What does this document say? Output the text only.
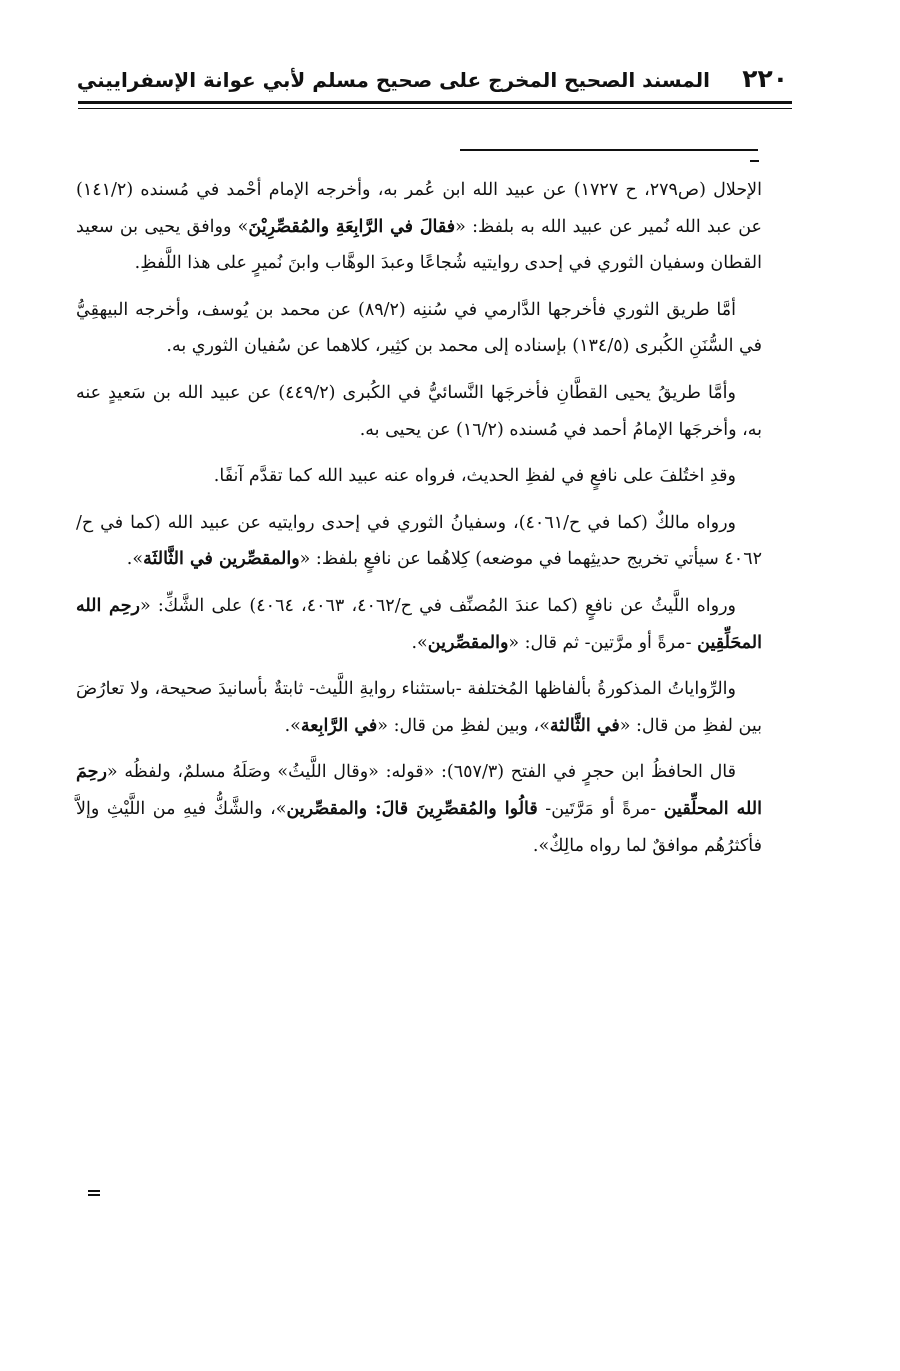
٢٢٠
المسند الصحيح المخرج على صحيح مسلم لأبي عوانة الإسفراييني

الإحلال (ص٢٧٩، ح ١٧٢٧) عن عبيد الله ابن عُمر به، وأخرجه الإمام أحْمد في مُسنده (١٤١/٢) عن عبد الله نُمير عن عبيد الله به بلفظ: «فقالَ في الرَّابِعَةِ والمُقصِّرِيْنَ» ووافق يحيى بن سعيد القطان وسفيان الثوري في إحدى روايتيه شُجاعًا وعبدَ الوهَّاب وابنَ نُميرٍ على هذا اللَّفظِ.

أمَّا طريق الثوري فأخرجها الدَّارمي في سُننِه (٨٩/٢) عن محمد بن يُوسف، وأخرجه البيهقِيُّ في السُّنَنِ الكُبرى (١٣٤/٥) بإسناده إلى محمد بن كثِير، كلاهما عن سُفيان الثوري به.

وأمَّا طريقُ يحيى القطَّانِ فأخرجَها النَّسائيُّ في الكُبرى (٤٤٩/٢) عن عبيد الله بن سَعيدٍ عنه به، وأخرجَها الإمامُ أحمد في مُسنده (١٦/٢) عن يحيى به.

وقدِ اختُلفَ على نافعٍ في لفظِ الحديث، فرواه عنه عبيد الله كما تقدَّم آنفًا.

ورواه مالكٌ (كما في ح/٤٠٦١)، وسفيانُ الثوري في إحدى روايتيه عن عبيد الله (كما في ح/٤٠٦٢ سيأتي تخريج حديثِهما في موضعه) كِلاهُما عن نافعٍ بلفظ: «والمقصِّرين في الثَّالثَة».

ورواه اللَّيثُ عن نافعٍ (كما عندَ المُصنِّف في ح/٤٠٦٢، ٤٠٦٣، ٤٠٦٤) على الشَّكِّ: «رحِم الله المحَلِّقِين -مرةً أو مرَّتين- ثم قال: «والمقصِّرين».

والرِّواياتُ المذكورةُ بألفاظها المُختلفة -باستثناء روايةِ اللَّيث- ثابتةٌ بأسانيدَ صحيحة، ولا تعارُضَ بين لفظِ من قال: «في الثَّالثة»، وبين لفظِ من قال: «في الرَّابِعة».

قال الحافظُ ابن حجرٍ في الفتح (٦٥٧/٣): «قوله: «وقال اللَّيثُ» وصَلَهُ مسلمٌ، ولفظُه «رحِمَ الله المحلِّقين -مرةً أو مَرَّتَين- قالُوا والمُقصِّرِينَ قالَ: والمقصِّرين»، والشَّكُّ فيهِ من اللَّيْثِ وإلاَّ فأكثرُهُم موافقٌ لما رواه مالِكٌ».
